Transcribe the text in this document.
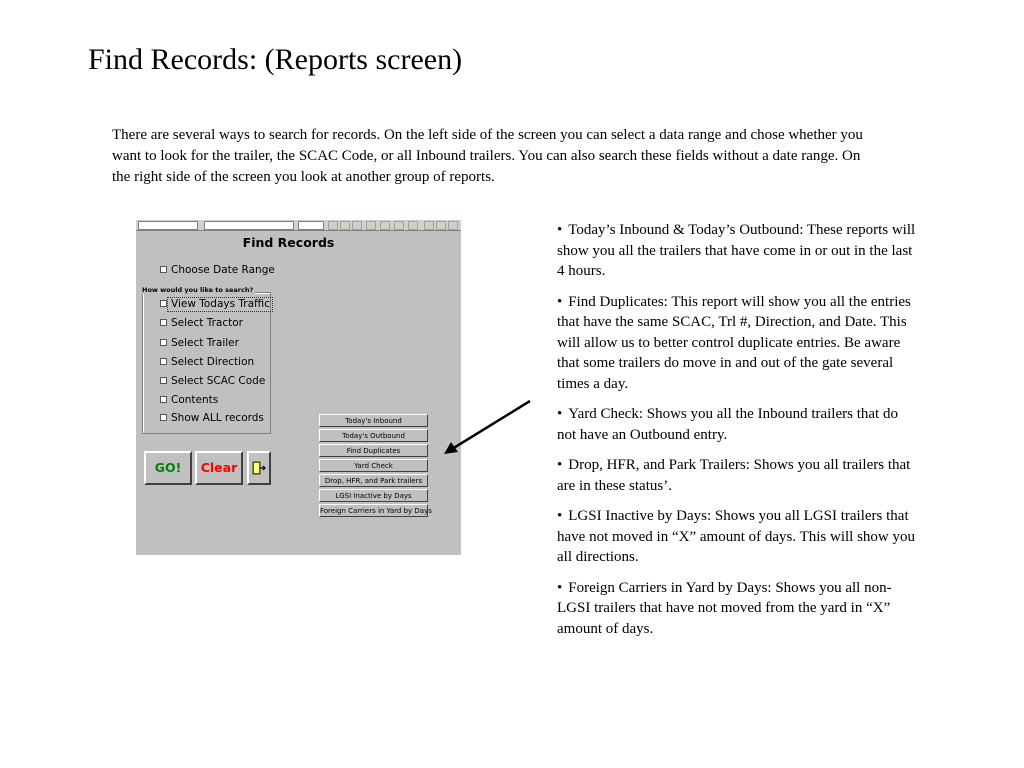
Find Records: (Reports screen)

There are several ways to search for records. On the left side of the screen you can select a data range and chose whether you want to look for the trailer, the SCAC Code, or all Inbound trailers. You can also search these fields without a date range. On the right side of the screen you look at another group of reports.

Find Records
Choose Date Range
How would you like to search?
View Todays Traffic
Select Tractor
Select Trailer
Select Direction
Select SCAC Code
Contents
Show ALL records	Today's Inbound
Today's Outbound
Find Duplicates
Yard Check
Drop, HFR, and Park trailers
LGSI Inactive by Days
Foreign Carriers in Yard by Days
GO!	Clear
• Today’s Inbound & Today’s Outbound: These reports will show you all the trailers that have come in or out in the last 4 hours.
• Find Duplicates: This report will show you all the entries that have the same SCAC, Trl #, Direction, and Date. This will allow us to better control duplicate entries. Be aware that some trailers do move in and out of the gate several times a day.
• Yard Check: Shows you all the Inbound trailers that do not have an Outbound entry.
• Drop, HFR, and Park Trailers: Shows you all trailers that are in these status’.
• LGSI Inactive by Days: Shows you all LGSI trailers that have not moved in “X” amount of days. This will show you all directions.
• Foreign Carriers in Yard by Days: Shows you all non-LGSI trailers that have not moved from the yard in “X” amount of days.
